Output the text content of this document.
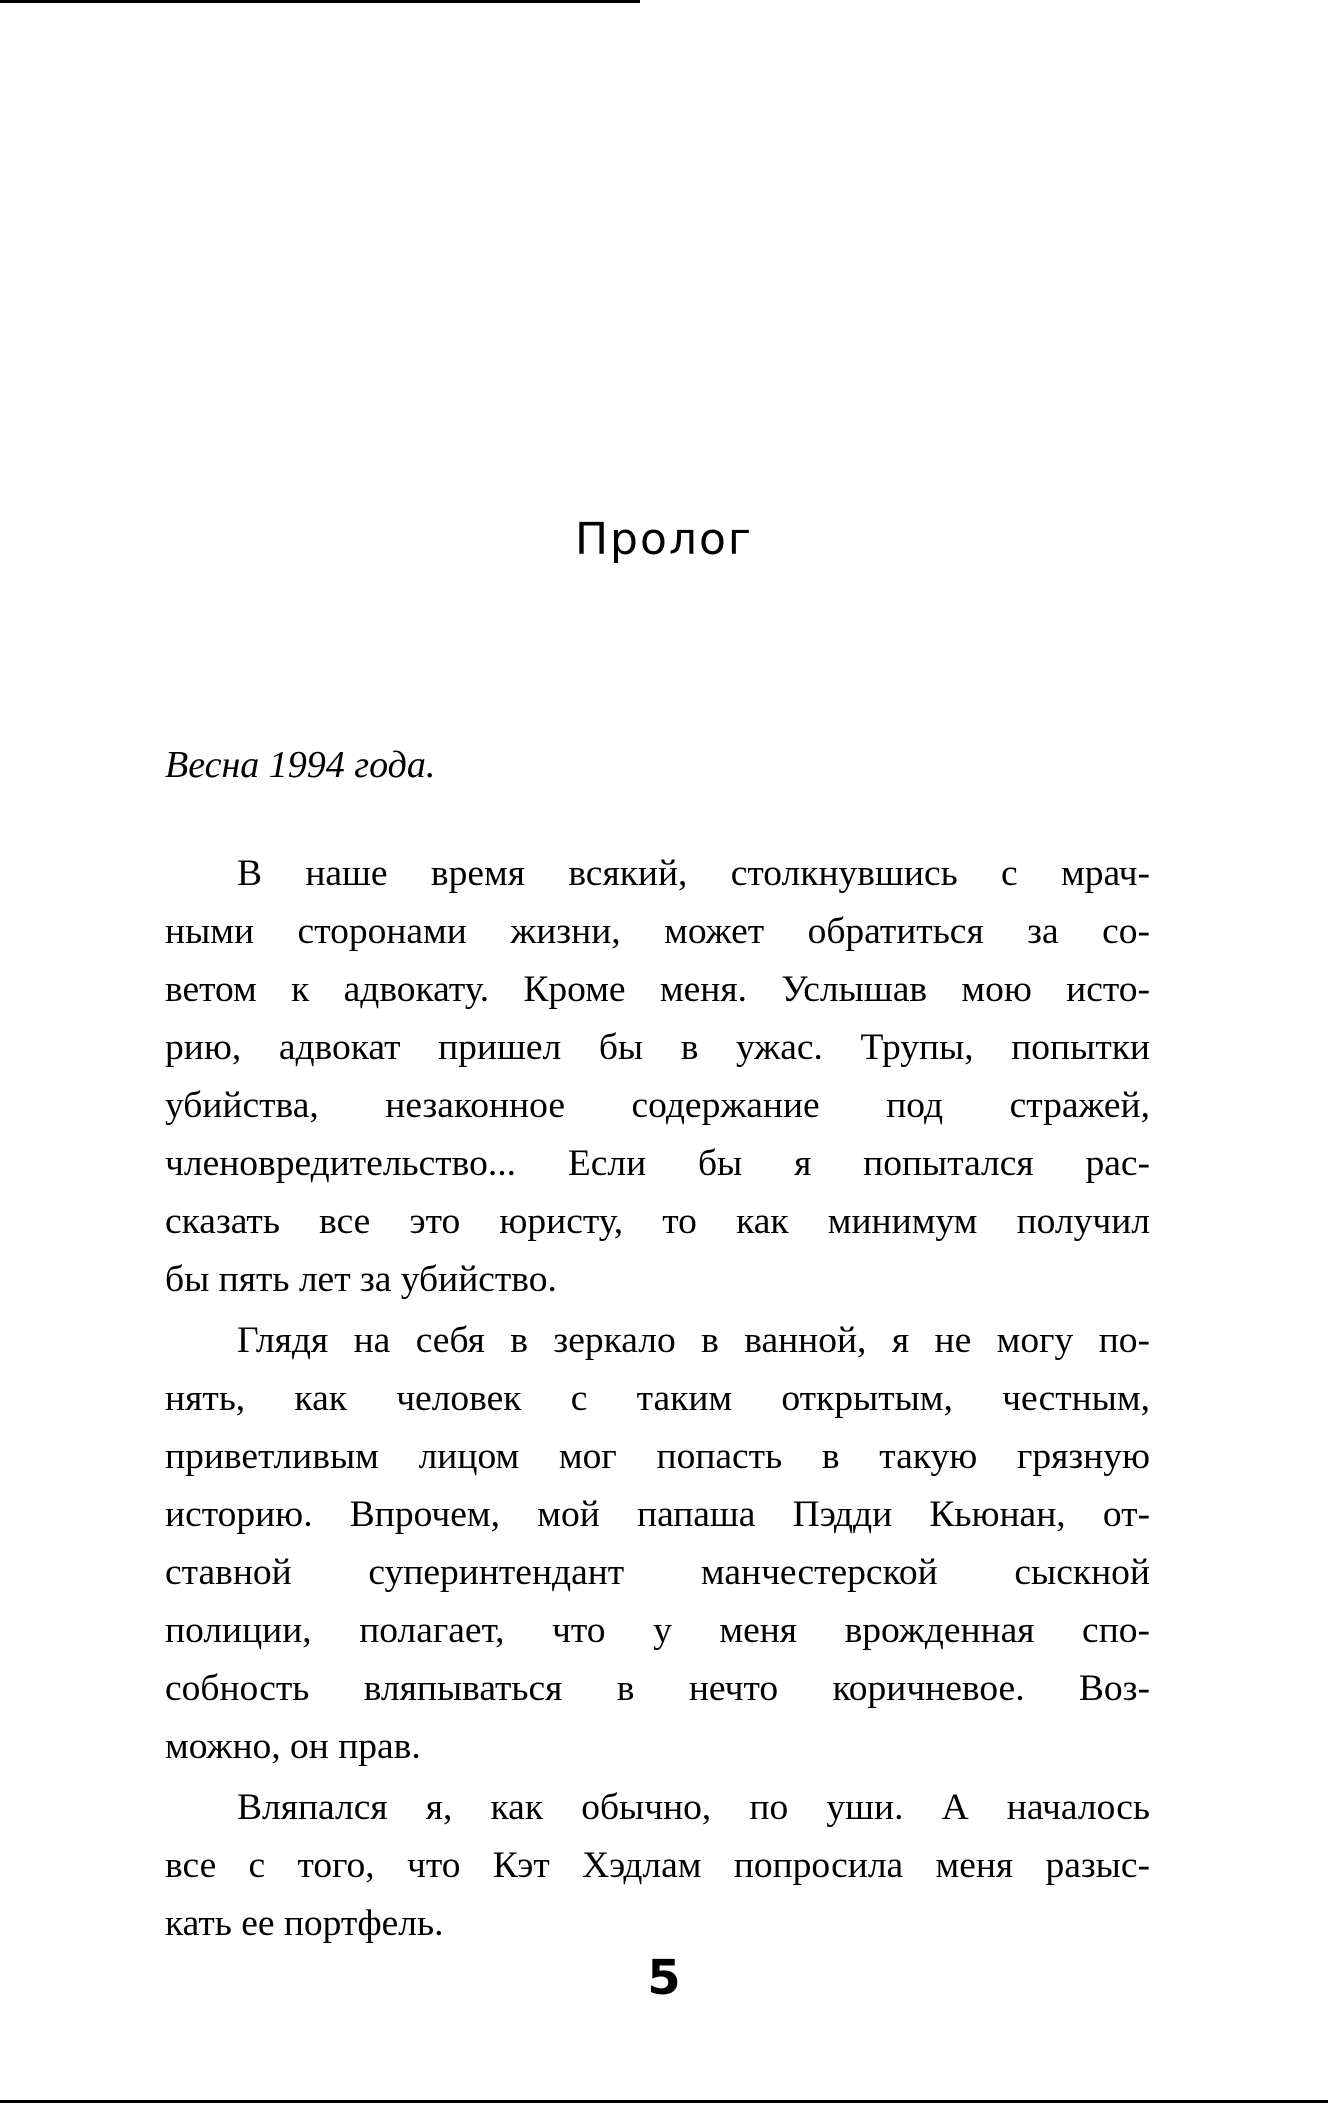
Пролог
Весна 1994 года.
В наше время всякий, столкнувшись с мрач-
ными сторонами жизни, может обратиться за со-
ветом к адвокату. Кроме меня. Услышав мою исто-
рию, адвокат пришел бы в ужас. Трупы, попытки
убийства, незаконное содержание под стражей,
членовредительство... Если бы я попытался рас-
сказать все это юристу, то как минимум получил
бы пять лет за убийство.
Глядя на себя в зеркало в ванной, я не могу по-
нять, как человек с таким открытым, честным,
приветливым лицом мог попасть в такую грязную
историю. Впрочем, мой папаша Пэдди Кьюнан, от-
ставной суперинтендант манчестерской сыскной
полиции, полагает, что у меня врожденная спо-
собность вляпываться в нечто коричневое. Воз-
можно, он прав.
Вляпался я, как обычно, по уши. А началось
все с того, что Кэт Хэдлам попросила меня разыс-
кать ее портфель.
5
